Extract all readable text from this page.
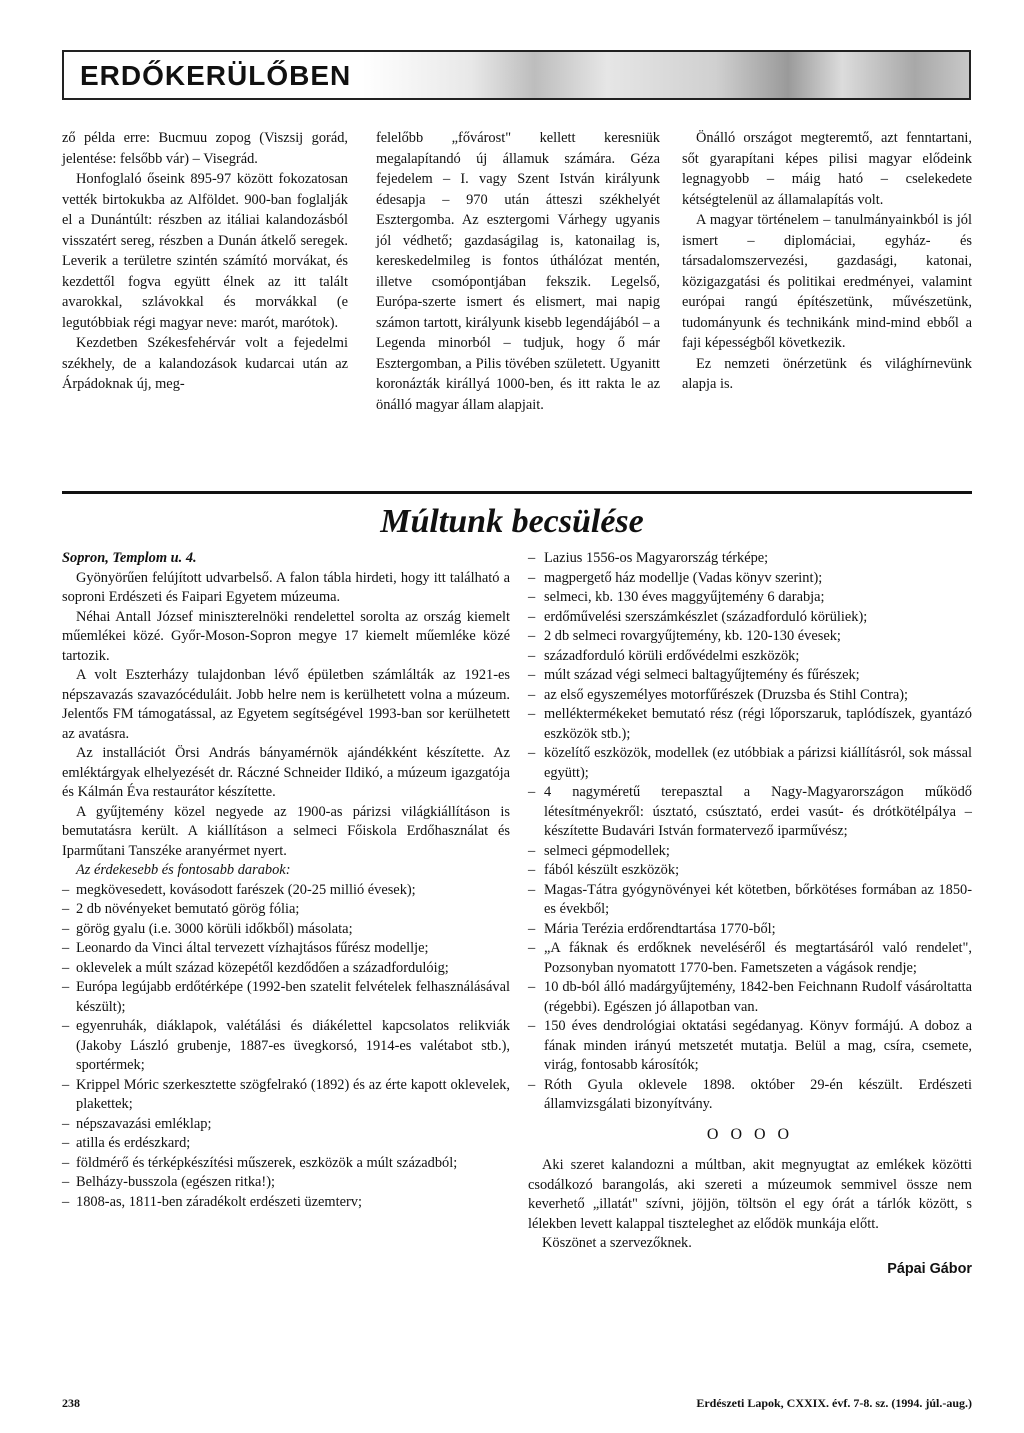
ERDŐKERÜLŐBEN

ző példa erre: Bucmuu zopog (Viszsij gorád, jelentése: felsőbb vár) – Visegrád.

Honfoglaló őseink 895-97 között fokozatosan vették birtokukba az Alföldet. 900-ban foglalják el a Dunántúlt: részben az itáliai kalandozásból visszatért sereg, részben a Dunán átkelő seregek. Leverik a területre szintén számító morvákat, és kezdettől fogva együtt élnek az itt talált avarokkal, szlávokkal és morvákkal (e legutóbbiak régi magyar neve: marót, marótok).

Kezdetben Székesfehérvár volt a fejedelmi székhely, de a kalandozások kudarcai után az Árpádoknak új, meg-

felelőbb „fővárost" kellett keresniük megalapítandó új államuk számára. Géza fejedelem – I. vagy Szent István királyunk édesapja – 970 után átteszi székhelyét Esztergomba. Az esztergomi Várhegy ugyanis jól védhető; gazdaságilag is, katonailag is, kereskedelmileg is fontos úthálózat mentén, illetve csomópontjában fekszik. Legelső, Európa-szerte ismert és elismert, mai napig számon tartott, királyunk kisebb legendájából – a Legenda minorból – tudjuk, hogy ő már Esztergomban, a Pilis tövében született. Ugyanitt koronázták királlyá 1000-ben, és itt rakta le az önálló magyar állam alapjait.

Önálló országot megteremtő, azt fenntartani, sőt gyarapítani képes pilisi magyar elődeink legnagyobb – máig ható – cselekedete kétségtelenül az államalapítás volt.

A magyar történelem – tanulmányainkból is jól ismert – diplomáciai, egyház- és társadalomszervezési, gazdasági, katonai, közigazgatási és politikai eredményei, valamint európai rangú építészetünk, művészetünk, tudományunk és technikánk mind-mind ebből a faji képességből következik.

Ez nemzeti önérzetünk és világhírnevünk alapja is.

Múltunk becsülése

Sopron, Templom u. 4.

Gyönyörűen felújított udvarbelső. A falon tábla hirdeti, hogy itt található a soproni Erdészeti és Faipari Egyetem múzeuma.

Néhai Antall József miniszterelnöki rendelettel sorolta az ország kiemelt műemlékei közé. Győr-Moson-Sopron megye 17 kiemelt műemléke közé tartozik.

A volt Eszterházy tulajdonban lévő épületben számlálták az 1921-es népszavazás szavazócéduláit. Jobb helre nem is kerülhetett volna a múzeum. Jelentős FM támogatással, az Egyetem segítségével 1993-ban sor kerülhetett az avatásra.

Az installációt Örsi András bányamérnök ajándékként készítette. Az emléktárgyak elhelyezését dr. Ráczné Schneider Ildikó, a múzeum igazgatója és Kálmán Éva restaurátor készítette.

A gyűjtemény közel negyede az 1900-as párizsi világkiállításon is bemutatásra került. A kiállításon a selmeci Főiskola Erdőhasználat és Iparműtani Tanszéke aranyérmet nyert.

Az érdekesebb és fontosabb darabok:

– megkövesedett, kovásodott farészek (20-25 millió évesek);

– 2 db növényeket bemutató görög fólia;

– görög gyalu (i.e. 3000 körüli időkből) másolata;

– Leonardo da Vinci által tervezett vízhajtásos fűrész modellje;

– oklevelek a múlt század közepétől kezdődően a századfordulóig;

– Európa legújabb erdőtérképe (1992-ben szatelit felvételek felhasználásával készült);

– egyenruhák, diáklapok, valétálási és diákélettel kapcsolatos relikviák (Jakoby László grubenje, 1887-es üvegkorsó, 1914-es valétabot stb.), sportérmek;

– Krippel Móric szerkesztette szögfelrakó (1892) és az érte kapott oklevelek, plakettek;

– népszavazási emléklap;

– atilla és erdészkard;

– földmérő és térképkészítési műszerek, eszközök a múlt századból;

– Belházy-busszola (egészen ritka!);

– 1808-as, 1811-ben záradékolt erdészeti üzemterv;

– Lazius 1556-os Magyarország térképe;

– magpergető ház modellje (Vadas könyv szerint);

– selmeci, kb. 130 éves maggyűjtemény 6 darabja;

– erdőművelési szerszámkészlet (századforduló körüliek);

– 2 db selmeci rovargyűjtemény, kb. 120-130 évesek;

– századforduló körüli erdővédelmi eszközök;

– múlt század végi selmeci baltagyűjtemény és fűrészek;

– az első egyszemélyes motorfűrészek (Druzsba és Stihl Contra);

– melléktermékeket bemutató rész (régi lőporszaruk, taplódíszek, gyantázó eszközök stb.);

– közelítő eszközök, modellek (ez utóbbiak a párizsi kiállításról, sok mással együtt);

– 4 nagyméretű terepasztal a Nagy-Magyarországon működő létesítményekről: úsztató, csúsztató, erdei vasút- és drótkötélpálya – készítette Budavári István formatervező iparművész;

– selmeci gépmodellek;

– fából készült eszközök;

– Magas-Tátra gyógynövényei két kötetben, bőrkötéses formában az 1850-es évekből;

– Mária Terézia erdőrendtartása 1770-ből;

– „A fáknak és erdőknek neveléséről és megtartásáról való rendelet", Pozsonyban nyomatott 1770-ben. Fametszeten a vágások rendje;

– 10 db-ból álló madárgyűjtemény, 1842-ben Feichnann Rudolf vásároltatta (régebbi). Egészen jó állapotban van.

– 150 éves dendrológiai oktatási segédanyag. Könyv formájú. A doboz a fának minden irányú metszetét mutatja. Belül a mag, csíra, csemete, virág, fontosabb károsítók;

– Róth Gyula oklevele 1898. október 29-én készült. Erdészeti államvizsgálati bizonyítvány.

O O O O

Aki szeret kalandozni a múltban, akit megnyugtat az emlékek közötti csodálkozó barangolás, aki szereti a múzeumok semmivel össze nem keverhető „illatát" szívni, jöjjön, töltsön el egy órát a tárlók között, s lélekben levett kalappal tiszteleghet az elődök munkája előtt.

Köszönet a szervezőknek.

Pápai Gábor

238	Erdészeti Lapok, CXXIX. évf. 7-8. sz. (1994. júl.-aug.)
